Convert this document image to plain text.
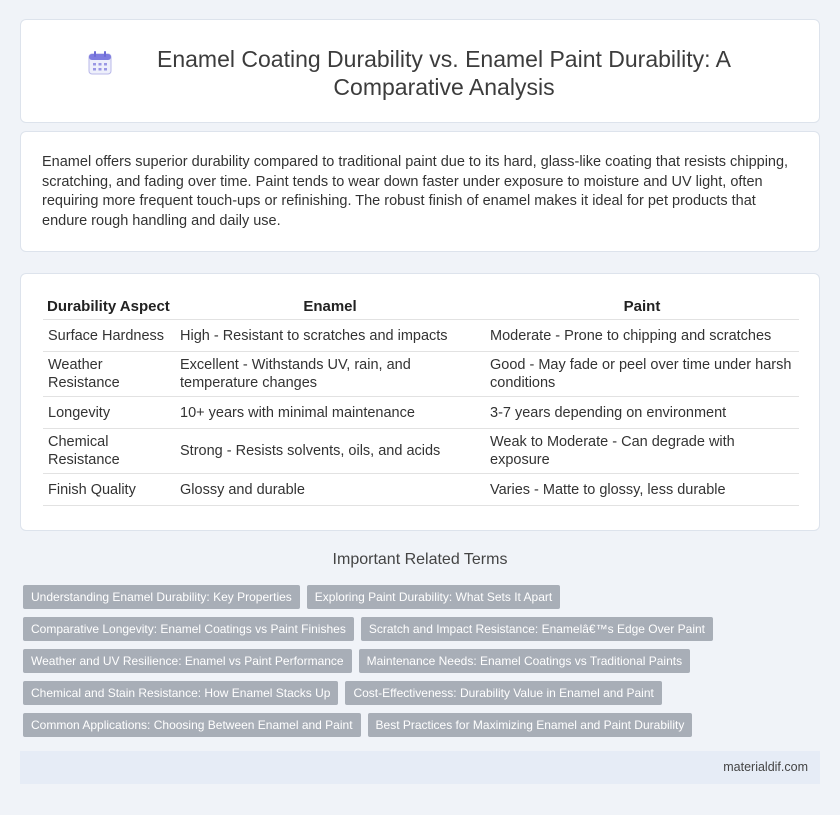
Enamel Coating Durability vs. Enamel Paint Durability: A Comparative Analysis

Enamel offers superior durability compared to traditional paint due to its hard, glass-like coating that resists chipping, scratching, and fading over time. Paint tends to wear down faster under exposure to moisture and UV light, often requiring more frequent touch-ups or refinishing. The robust finish of enamel makes it ideal for pet products that endure rough handling and daily use.

Durability Aspect	Enamel	Paint
Surface Hardness	High - Resistant to scratches and impacts	Moderate - Prone to chipping and scratches
Weather Resistance	Excellent - Withstands UV, rain, and temperature changes	Good - May fade or peel over time under harsh conditions
Longevity	10+ years with minimal maintenance	3-7 years depending on environment
Chemical Resistance	Strong - Resists solvents, oils, and acids	Weak to Moderate - Can degrade with exposure
Finish Quality	Glossy and durable	Varies - Matte to glossy, less durable
Important Related Terms
Understanding Enamel Durability: Key Properties	Exploring Paint Durability: What Sets It Apart
Comparative Longevity: Enamel Coatings vs Paint Finishes	Scratch and Impact Resistance: Enamelâ€™s Edge Over Paint
Weather and UV Resilience: Enamel vs Paint Performance	Maintenance Needs: Enamel Coatings vs Traditional Paints
Chemical and Stain Resistance: How Enamel Stacks Up	Cost-Effectiveness: Durability Value in Enamel and Paint
Common Applications: Choosing Between Enamel and Paint	Best Practices for Maximizing Enamel and Paint Durability
materialdif.com
